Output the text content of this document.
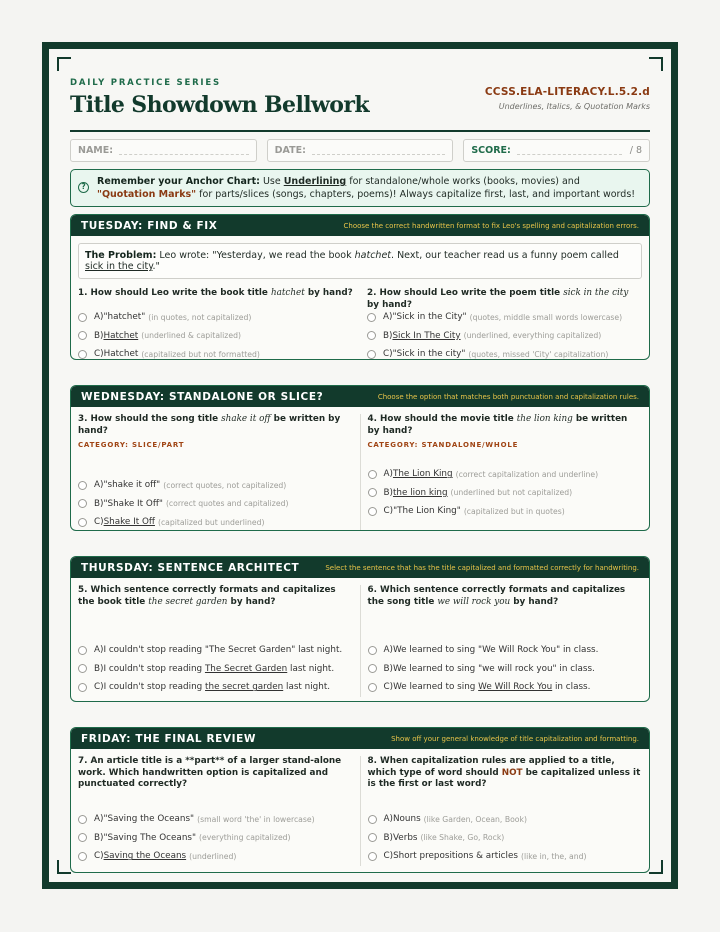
DAILY PRACTICE SERIES
Title Showdown Bellwork	CCSS.ELA-LITERACY.L.5.2.d
Underlines, Italics, & Quotation Marks
NAME:	DATE:	SCORE:	/ 8
?	Remember your Anchor Chart: Use Underlining for standalone/whole works (books, movies) and "Quotation Marks" for parts/slices (songs, chapters, poems)! Always capitalize first, last, and important words!
TUESDAY: FIND & FIX	Choose the correct handwritten format to fix Leo's spelling and capitalization errors.
The Problem: Leo wrote: "Yesterday, we read the book hatchet. Next, our teacher read us a funny poem called sick in the city."
1. How should Leo write the book title hatchet by hand?
A) "hatchet" (in quotes, not capitalized)
B) Hatchet (underlined & capitalized)
C) Hatchet (capitalized but not formatted)
2. How should Leo write the poem title sick in the city by hand?
A) "Sick in the City" (quotes, middle small words lowercase)
B) Sick In The City (underlined, everything capitalized)
C) "Sick in the city" (quotes, missed 'City' capitalization)
WEDNESDAY: STANDALONE OR SLICE?	Choose the option that matches both punctuation and capitalization rules.
3. How should the song title shake it off be written by hand?
CATEGORY: SLICE/PART
A) "shake it off" (correct quotes, not capitalized)
B) "Shake It Off" (correct quotes and capitalized)
C) Shake It Off (capitalized but underlined)
4. How should the movie title the lion king be written by hand?
CATEGORY: STANDALONE/WHOLE
A) The Lion King (correct capitalization and underline)
B) the lion king (underlined but not capitalized)
C) "The Lion King" (capitalized but in quotes)
THURSDAY: SENTENCE ARCHITECT	Select the sentence that has the title capitalized and formatted correctly for handwriting.
5. Which sentence correctly formats and capitalizes the book title the secret garden by hand?
A) I couldn't stop reading
"The Secret Garden"
last night.
B) I couldn't stop reading
The Secret Garden
last night.
C) I couldn't stop reading
the secret garden
last night.
6. Which sentence correctly formats and capitalizes the song title we will rock you by hand?
A) We learned to sing
"We Will Rock You"
in class.
B) We learned to sing
"we will rock you"
in class.
C) We learned to sing
We Will Rock You
in class.
FRIDAY: THE FINAL REVIEW	Show off your general knowledge of title capitalization and formatting.
7. An article title is a **part** of a larger stand-alone work. Which handwritten option is capitalized and punctuated correctly?
A) "Saving the Oceans" (small word 'the' in lowercase)
B) "Saving The Oceans" (everything capitalized)
C) Saving the Oceans (underlined)
8. When capitalization rules are applied to a title, which type of word should NOT be capitalized unless it is the first or last word?
A) Nouns (like Garden, Ocean, Book)
B) Verbs (like Shake, Go, Rock)
C) Short prepositions & articles (like in, the, and)
